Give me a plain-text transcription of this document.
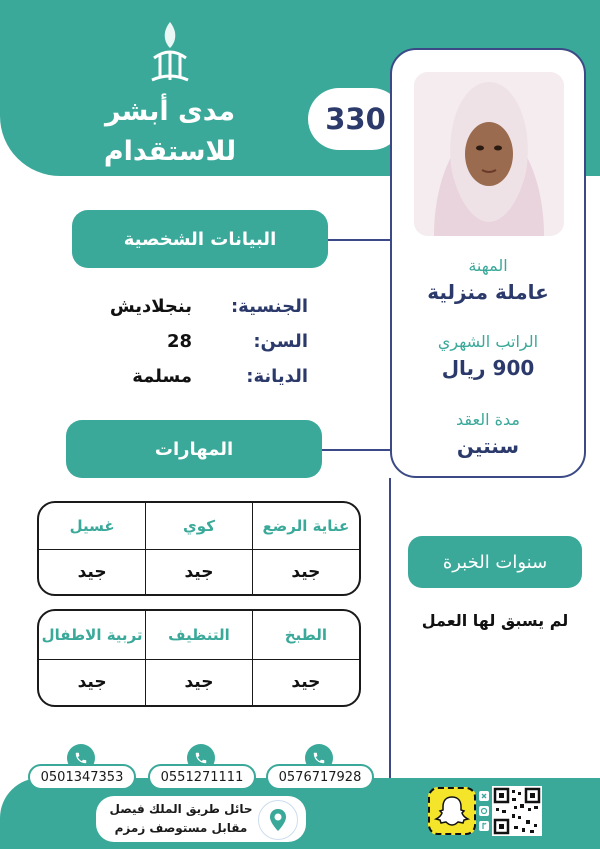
مدى أبشر
للاستقدام
330
المهنة
عاملة منزلية
الراتب الشهري
900 ريال
مدة العقد
سنتين
البيانات الشخصية
الجنسية:
بنجلاديش
السن:
28
الديانة:
مسلمة
المهارات
غسيل	كوي	عناية الرضع
جيد	جيد	جيد
تربية الاطفال	التنظيف	الطبخ
جيد	جيد	جيد
سنوات الخبرة
لم يسبق لها العمل
0501347353	0551271111	0576717928
حائل طريق الملك فيصل
مقابل مستوصف زمزم
